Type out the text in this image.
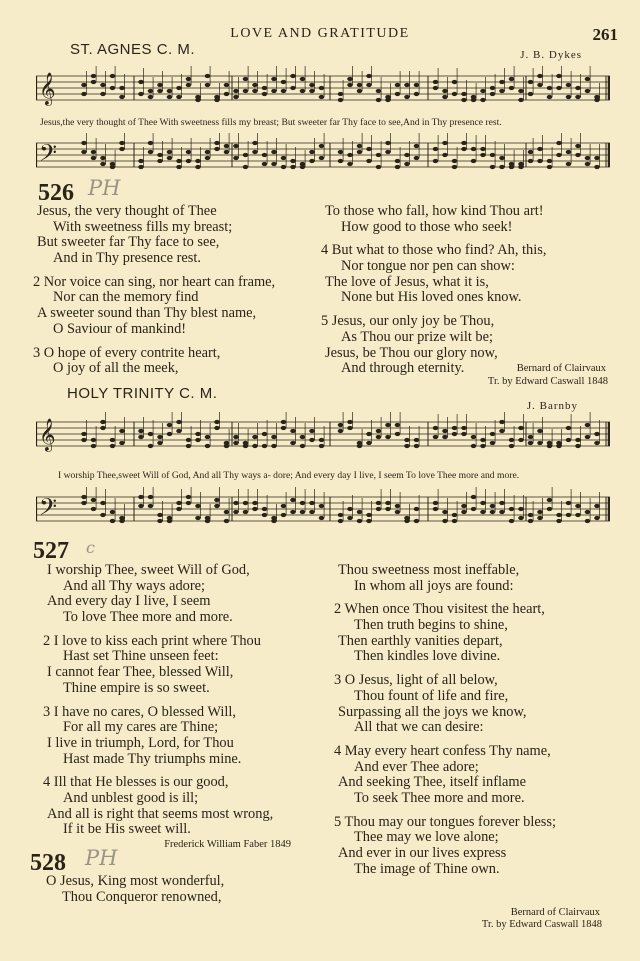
LOVE AND GRATITUDE	261
ST. AGNES C. M.	J. B. Dykes
𝄞
Jesus,the very thought of Thee With sweetness fills my breast; But sweeter far Thy face to see,And in Thy presence rest.
𝄢
526 PH
Jesus, the very thought of Thee
With sweetness fills my breast;
But sweeter far Thy face to see,
And in Thy presence rest.
2 Nor voice can sing, nor heart can frame,
Nor can the memory find
A sweeter sound than Thy blest name,
O Saviour of mankind!
3 O hope of every contrite heart,
O joy of all the meek,
To those who fall, how kind Thou art!
How good to those who seek!
4 But what to those who find? Ah, this,
Nor tongue nor pen can show:
The love of Jesus, what it is,
None but His loved ones know.
5 Jesus, our only joy be Thou,
As Thou our prize wilt be;
Jesus, be Thou our glory now,
And through eternity.	Bernard of Clairvaux
Tr. by Edward Caswall 1848
HOLY TRINITY C. M.
J. Barnby
𝄞
I worship Thee,sweet Will of God, And all Thy ways a- dore; And every day I live, I seem To love Thee more and more.
𝄢
527 c
I worship Thee, sweet Will of God,
And all Thy ways adore;
And every day I live, I seem
To love Thee more and more.
2 I love to kiss each print where Thou
Hast set Thine unseen feet:
I cannot fear Thee, blessed Will,
Thine empire is so sweet.
3 I have no cares, O blessed Will,
For all my cares are Thine;
I live in triumph, Lord, for Thou
Hast made Thy triumphs mine.
4 Ill that He blesses is our good,
And unblest good is ill;
And all is right that seems most wrong,
If it be His sweet will.
Frederick William Faber 1849
Thou sweetness most ineffable,
In whom all joys are found:
2 When once Thou visitest the heart,
Then truth begins to shine,
Then earthly vanities depart,
Then kindles love divine.
3 O Jesus, light of all below,
Thou fount of life and fire,
Surpassing all the joys we know,
All that we can desire:
4 May every heart confess Thy name,
And ever Thee adore;
And seeking Thee, itself inflame
To seek Thee more and more.
5 Thou may our tongues forever bless;
Thee may we love alone;
And ever in our lives express
The image of Thine own.
Bernard of Clairvaux
Tr. by Edward Caswall 1848
528 PH
O Jesus, King most wonderful,
Thou Conqueror renowned,
